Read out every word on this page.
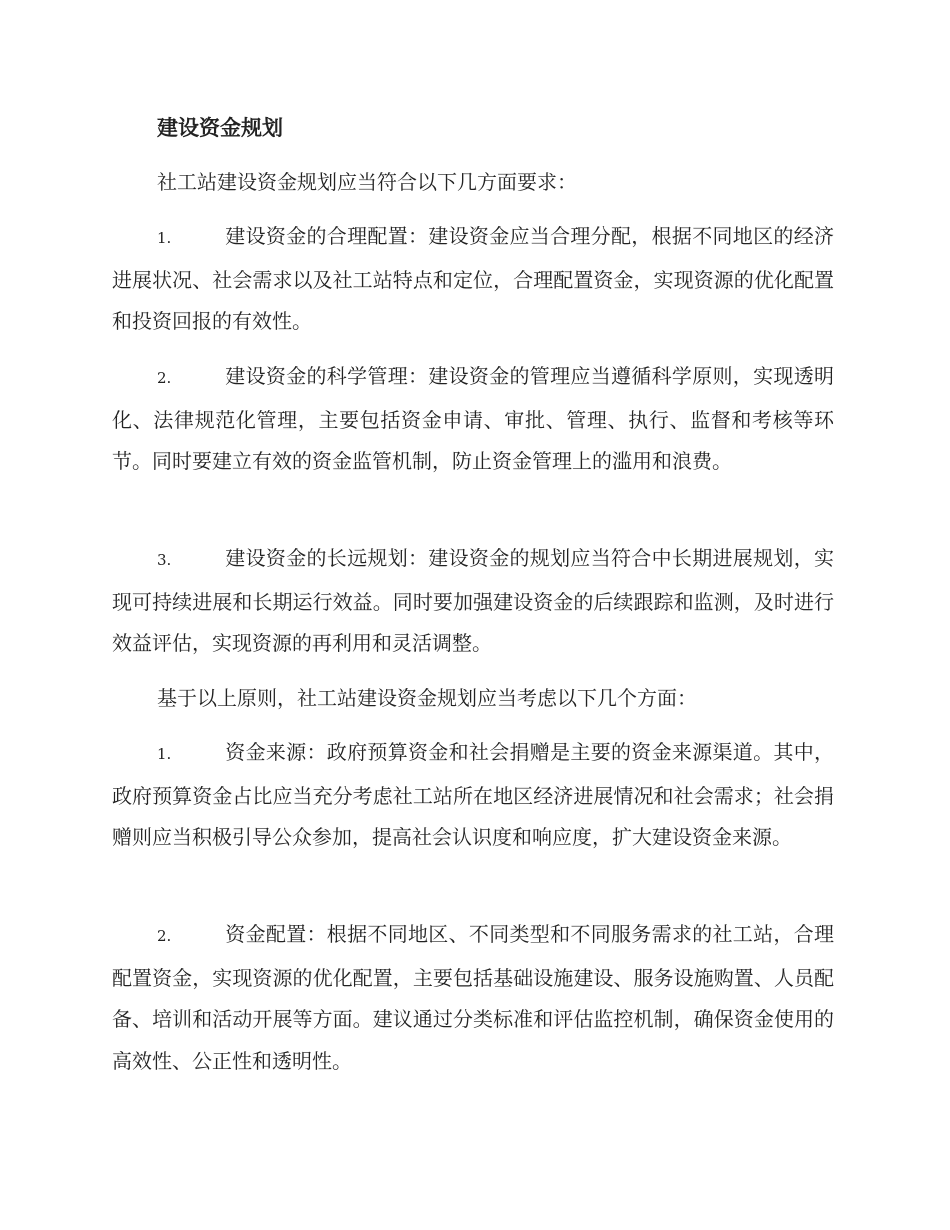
建设资金规划

社工站建设资金规划应当符合以下几方面要求：

1.	建设资金的合理配置：建设资金应当合理分配，根据不同地区的经济进展状况、社会需求以及社工站特点和定位，合理配置资金，实现资源的优化配置和投资回报的有效性。

2.	建设资金的科学管理：建设资金的管理应当遵循科学原则，实现透明化、法律规范化管理，主要包括资金申请、审批、管理、执行、监督和考核等环节。同时要建立有效的资金监管机制，防止资金管理上的滥用和浪费。

3.	建设资金的长远规划：建设资金的规划应当符合中长期进展规划，实现可持续进展和长期运行效益。同时要加强建设资金的后续跟踪和监测，及时进行效益评估，实现资源的再利用和灵活调整。

基于以上原则，社工站建设资金规划应当考虑以下几个方面：

1.	资金来源：政府预算资金和社会捐赠是主要的资金来源渠道。其中，政府预算资金占比应当充分考虑社工站所在地区经济进展情况和社会需求；社会捐赠则应当积极引导公众参加，提高社会认识度和响应度，扩大建设资金来源。

2.	资金配置：根据不同地区、不同类型和不同服务需求的社工站，合理配置资金，实现资源的优化配置，主要包括基础设施建设、服务设施购置、人员配备、培训和活动开展等方面。建议通过分类标准和评估监控机制，确保资金使用的高效性、公正性和透明性。
